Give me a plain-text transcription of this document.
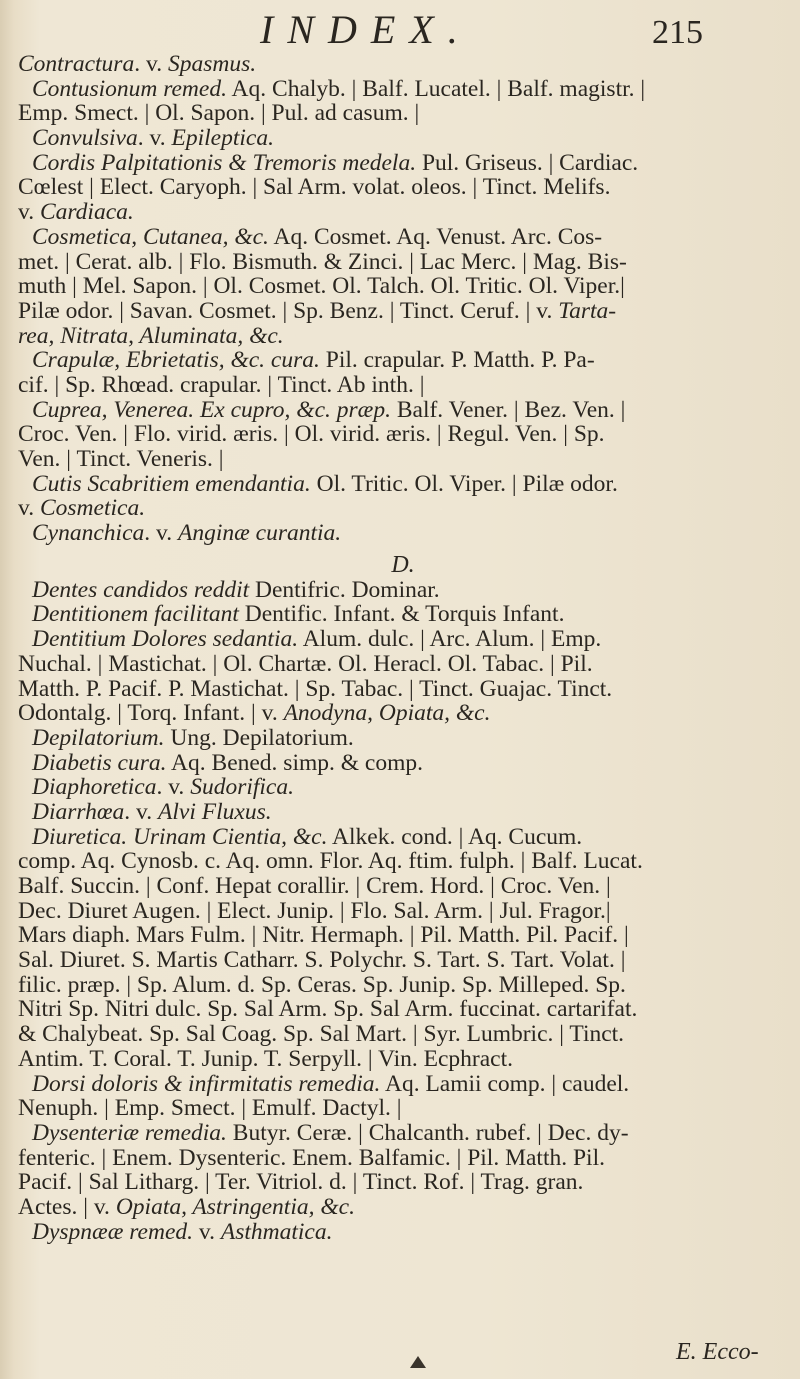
INDEX.	215
Contractura. v. Spasmus.
Contusionum remed. Aq. Chalyb. | Balf. Lucatel. | Balf. magistr. |
Emp. Smect. | Ol. Sapon. | Pul. ad casum. |
Convulsiva. v. Epileptica.
Cordis Palpitationis & Tremoris medela. Pul. Griseus. | Cardiac.
Cœlest | Elect. Caryoph. | Sal Arm. volat. oleos. | Tinct. Melifs.
v. Cardiaca.
Cosmetica, Cutanea, &c. Aq. Cosmet. Aq. Venust. Arc. Cos-
met. | Cerat. alb. | Flo. Bismuth. & Zinci. | Lac Merc. | Mag. Bis-
muth | Mel. Sapon. | Ol. Cosmet. Ol. Talch. Ol. Tritic. Ol. Viper.|
Pilæ odor. | Savan. Cosmet. | Sp. Benz. | Tinct. Ceruf. | v. Tarta-
rea, Nitrata, Aluminata, &c.
Crapulæ, Ebrietatis, &c. cura. Pil. crapular. P. Matth. P. Pa-
cif. | Sp. Rhœad. crapular. | Tinct. Ab inth. |
Cuprea, Venerea. Ex cupro, &c. præp. Balf. Vener. | Bez. Ven. |
Croc. Ven. | Flo. virid. æris. | Ol. virid. æris. | Regul. Ven. | Sp.
Ven. | Tinct. Veneris. |
Cutis Scabritiem emendantia. Ol. Tritic. Ol. Viper. | Pilæ odor.
v. Cosmetica.
Cynanchica. v. Anginæ curantia.
D.
Dentes candidos reddit Dentifric. Dominar.
Dentitionem facilitant Dentific. Infant. & Torquis Infant.
Dentitium Dolores sedantia. Alum. dulc. | Arc. Alum. | Emp.
Nuchal. | Mastichat. | Ol. Chartæ. Ol. Heracl. Ol. Tabac. | Pil.
Matth. P. Pacif. P. Mastichat. | Sp. Tabac. | Tinct. Guajac. Tinct.
Odontalg. | Torq. Infant. | v. Anodyna, Opiata, &c.
Depilatorium. Ung. Depilatorium.
Diabetis cura. Aq. Bened. simp. & comp.
Diaphoretica. v. Sudorifica.
Diarrhœa. v. Alvi Fluxus.
Diuretica. Urinam Cientia, &c. Alkek. cond. | Aq. Cucum.
comp. Aq. Cynosb. c. Aq. omn. Flor. Aq. ftim. fulph. | Balf. Lucat.
Balf. Succin. | Conf. Hepat corallir. | Crem. Hord. | Croc. Ven. |
Dec. Diuret Augen. | Elect. Junip. | Flo. Sal. Arm. | Jul. Fragor.|
Mars diaph. Mars Fulm. | Nitr. Hermaph. | Pil. Matth. Pil. Pacif. |
Sal. Diuret. S. Martis Catharr. S. Polychr. S. Tart. S. Tart. Volat. |
filic. præp. | Sp. Alum. d. Sp. Ceras. Sp. Junip. Sp. Milleped. Sp.
Nitri Sp. Nitri dulc. Sp. Sal Arm. Sp. Sal Arm. fuccinat. cartarifat.
& Chalybeat. Sp. Sal Coag. Sp. Sal Mart. | Syr. Lumbric. | Tinct.
Antim. T. Coral. T. Junip. T. Serpyll. | Vin. Ecphract.
Dorsi doloris & infirmitatis remedia. Aq. Lamii comp. | caudel.
Nenuph. | Emp. Smect. | Emulf. Dactyl. |
Dysenteriæ remedia. Butyr. Ceræ. | Chalcanth. rubef. | Dec. dy-
fenteric. | Enem. Dysenteric. Enem. Balfamic. | Pil. Matth. Pil.
Pacif. | Sal Litharg. | Ter. Vitriol. d. | Tinct. Rof. | Trag. gran.
Actes. | v. Opiata, Astringentia, &c.
Dyspnææ remed. v. Asthmatica.
E. Ecco-
